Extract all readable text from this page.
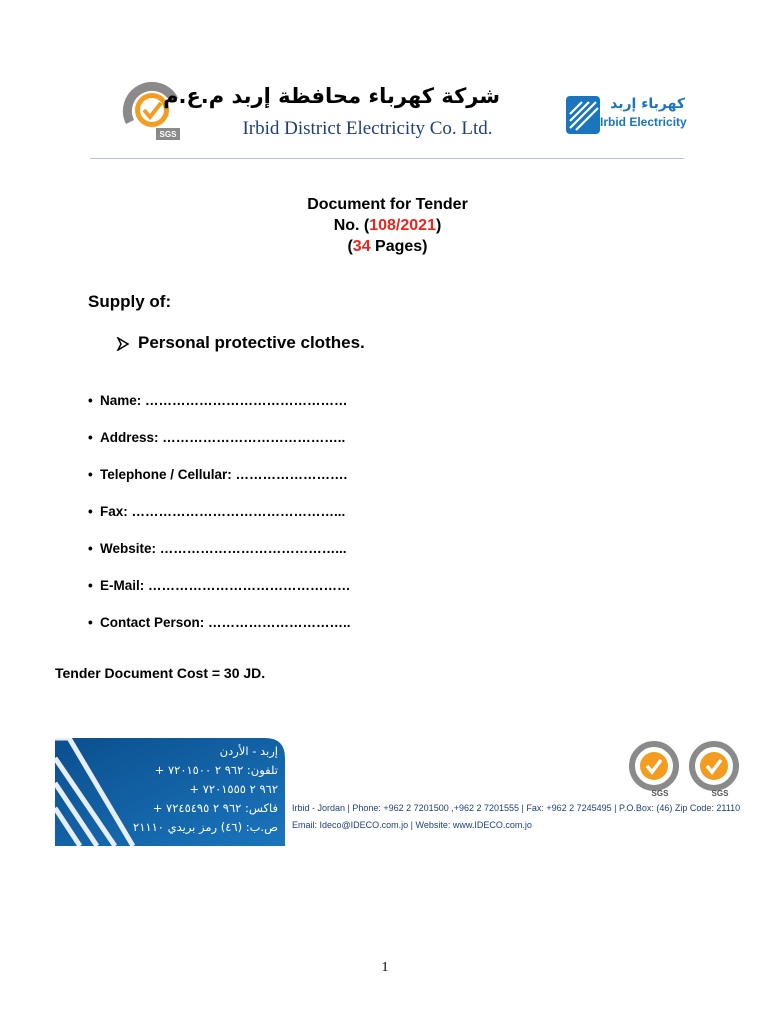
SGS
شركة كهرباء محافظة إربد م.ع.م
Irbid District Electricity Co. Ltd.
كهرباء إربد
Irbid Electricity
Document for Tender
No. (108/2021)
(34 Pages)
Supply of:
Personal protective clothes.
• Name: ………………………………………
• Address: …………………………………..
• Telephone / Cellular: …………………….
• Fax: ………………………………………...
• Website: …………………………………...
• E-Mail: ………………………………………
• Contact Person: …………………………..
Tender Document Cost = 30 JD.
إربد - الأردن
تلفون: ٩٦٢ ٢ ٧٢٠١٥٠٠ +
٩٦٢ ٢ ٧٢٠١٥٥٥ +
فاكس: ٩٦٢ ٢ ٧٢٤٥٤٩٥ +
ص.ب: (٤٦) رمز بريدي ٢١١١٠
SGS	SGS
Irbid - Jordan | Phone: +962 2 7201500 ,+962 2 7201555 | Fax: +962 2 7245495 | P.O.Box: (46) Zip Code: 21110
Email: Ideco@IDECO.com.jo | Website: www.IDECO.com.jo
1
